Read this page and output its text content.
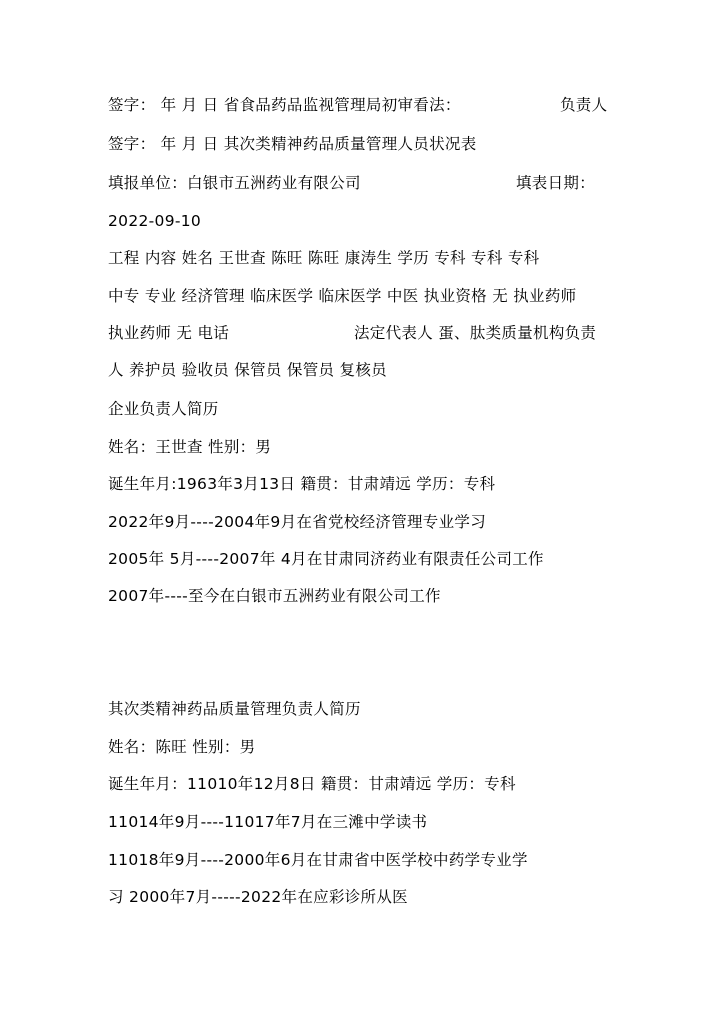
签字： 年 月 日 省食品药品监视管理局初审看法：	负责人
签字： 年 月 日 其次类精神药品质量管理人员状况表
填报单位：白银市五洲药业有限公司	填表日期：
2022-09-10
工程 内容 姓名 王世查 陈旺 陈旺 康涛生 学历 专科 专科 专科
中专 专业 经济管理 临床医学 临床医学 中医 执业资格 无 执业药师
执业药师 无 电话	法定代表人 蛋、肽类质量机构负责
人 养护员 验收员 保管员 保管员 复核员
企业负责人简历
姓名：王世查 性别：男
诞生年月:1963年3月13日 籍贯：甘肃靖远 学历：专科
2022年9月----2004年9月在省党校经济管理专业学习
2005年 5月----2007年 4月在甘肃同济药业有限责任公司工作
2007年----至今在白银市五洲药业有限公司工作
其次类精神药品质量管理负责人简历
姓名：陈旺 性别：男
诞生年月：11010年12月8日 籍贯：甘肃靖远 学历：专科
11014年9月----11017年7月在三滩中学读书
11018年9月----2000年6月在甘肃省中医学校中药学专业学
习 2000年7月-----2022年在应彩诊所从医
